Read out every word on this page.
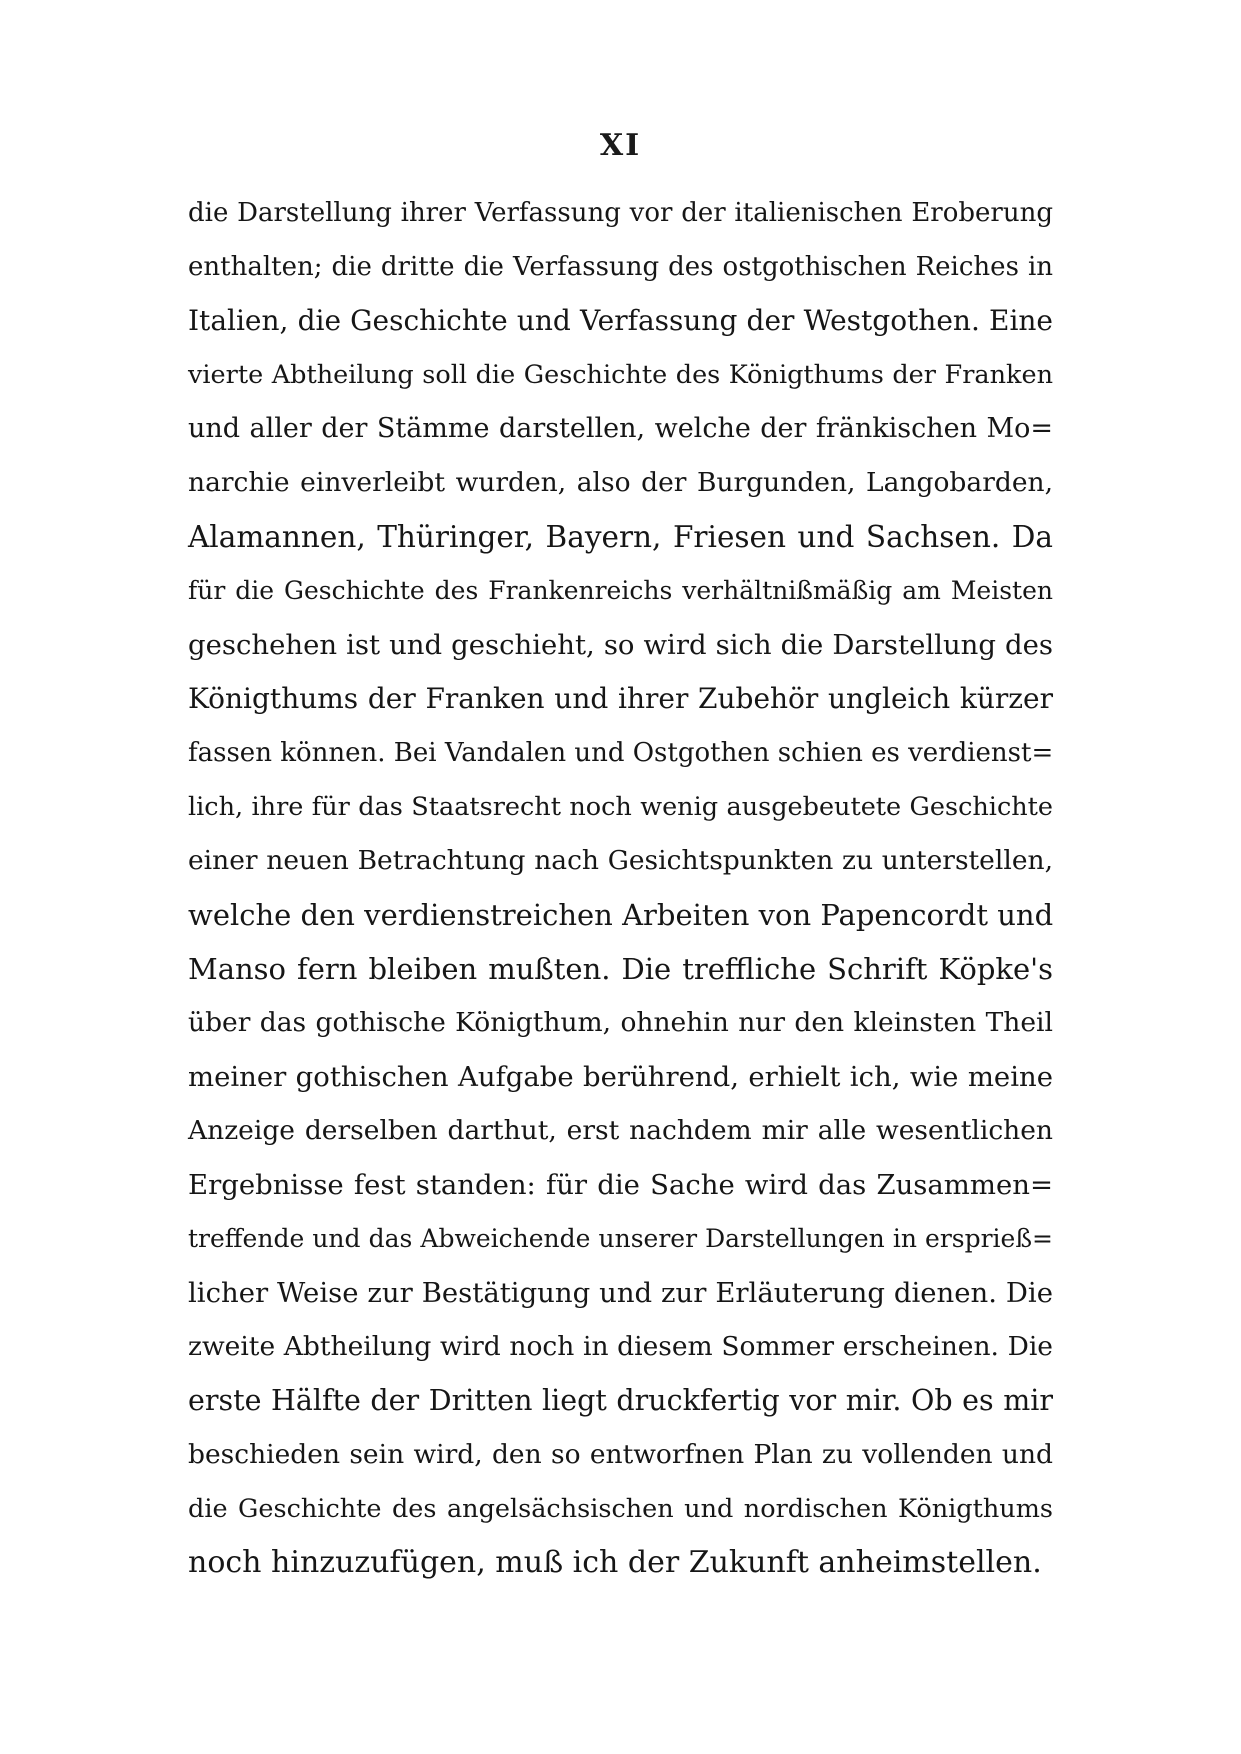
XI
die Darstellung ihrer Verfassung vor der italienischen Eroberung
enthalten; die dritte die Verfassung des ostgothischen Reiches in
Italien, die Geschichte und Verfassung der Westgothen. Eine
vierte Abtheilung soll die Geschichte des Königthums der Franken
und aller der Stämme darstellen, welche der fränkischen Mo=
narchie einverleibt wurden, also der Burgunden, Langobarden,
Alamannen, Thüringer, Bayern, Friesen und Sachsen. Da
für die Geschichte des Frankenreichs verhältnißmäßig am Meisten
geschehen ist und geschieht, so wird sich die Darstellung des
Königthums der Franken und ihrer Zubehör ungleich kürzer
fassen können. Bei Vandalen und Ostgothen schien es verdienst=
lich, ihre für das Staatsrecht noch wenig ausgebeutete Geschichte
einer neuen Betrachtung nach Gesichtspunkten zu unterstellen,
welche den verdienstreichen Arbeiten von Papencordt und
Manso fern bleiben mußten. Die treffliche Schrift Köpke's
über das gothische Königthum, ohnehin nur den kleinsten Theil
meiner gothischen Aufgabe berührend, erhielt ich, wie meine
Anzeige derselben darthut, erst nachdem mir alle wesentlichen
Ergebnisse fest standen: für die Sache wird das Zusammen=
treffende und das Abweichende unserer Darstellungen in ersprieß=
licher Weise zur Bestätigung und zur Erläuterung dienen. Die
zweite Abtheilung wird noch in diesem Sommer erscheinen. Die
erste Hälfte der Dritten liegt druckfertig vor mir. Ob es mir
beschieden sein wird, den so entworfnen Plan zu vollenden und
die Geschichte des angelsächsischen und nordischen Königthums
noch hinzuzufügen, muß ich der Zukunft anheimstellen.
